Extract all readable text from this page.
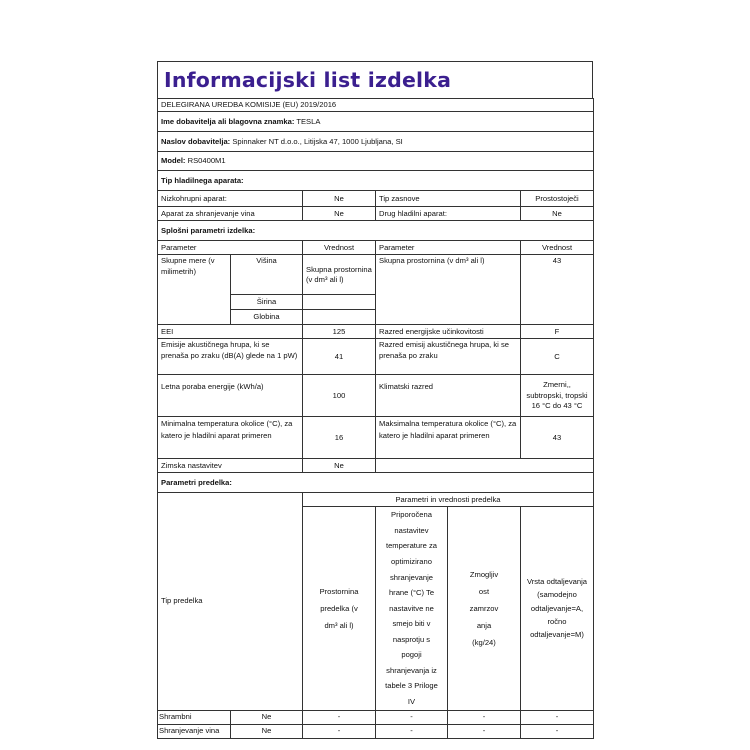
Informacijski list izdelka
DELEGIRANA UREDBA KOMISIJE (EU) 2019/2016					
Ime dobavitelja ali blagovna znamka: TESLA					
Naslov dobavitelja: Spinnaker NT d.o.o., Litijska 47, 1000 Ljubljana, SI					
Model: RS0400M1					
Tip hladilnega aparata:					
Nizkohrupni aparat:		Ne	Tip zasnove		Prostostoječi
Aparat za shranjevanje vina		Ne	Drug hladilni aparat:		Ne
Splošni parametri izdelka:					
Parameter		Vrednost	Parameter		Vrednost
Skupne mere (v milimetrih)	Višina	Skupna prostornina (v dm³ ali l)	Skupna prostornina (v dm³ ali l)		43
	Širina				
	Globina				
EEI		125	Razred energijske učinkovitosti		F
Emisije akustičnega hrupa, ki se prenaša po zraku (dB(A) glede na 1 pW)		41	Razred emisij akustičnega hrupa, ki se prenaša po zraku		C
Letna poraba energije (kWh/a)		100	Klimatski razred		Zmerni,, subtropski, tropski 16 °C do 43 °C
Minimalna temperatura okolice (°C), za katero je hladilni aparat primeren		16	Maksimalna temperatura okolice (°C), za katero je hladilni aparat primeren		43
Zimska nastavitev		Ne			
Parametri predelka:					
Tip predelka		Parametri in vrednosti predelka			
		Prostornina predelka (v dm³ ali l)	Priporočena nastavitev temperature za optimizirano shranjevanje hrane (°C) Te nastavitve ne smejo biti v nasprotju s pogoji shranjevanja iz tabele 3 Priloge IV	Zmogljiv ost zamrzov anja (kg/24)	Vrsta odtaljevanja (samodejno odtaljevanje=A, ročno odtaljevanje=M)
Shrambni	Ne	-	-	-	-
Shranjevanje vina	Ne	-	-	-	-
